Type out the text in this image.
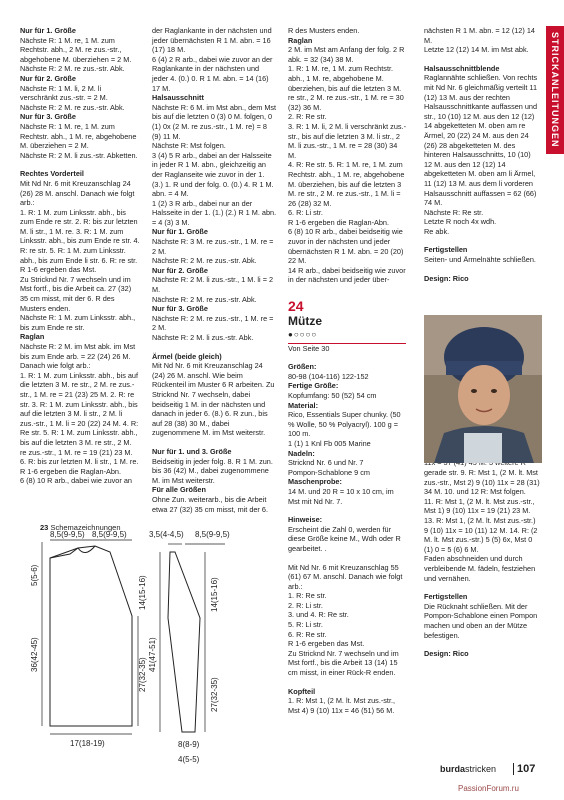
STRICKANLEITUNGEN

Nur für 1. Größe

Nächste R: 1 M. re, 1 M. zum Rechtstr. abh., 2 M. re zus.-str., abgehobene M. überziehen = 2 M.

Nächste R: 2 M. re zus.-str. Abk.

Nur für 2. Größe

Nächste R: 1 M. li, 2 M. li verschränkt zus.-str. = 2 M.

Nächste R: 2 M. re zus.-str. Abk.

Nur für 3. Größe

Nächste R: 1 M. re, 1 M. zum Rechtstr. abh., 1 M. re, abgehobene M. überziehen = 2 M.

Nächste R: 2 M. li zus.-str. Abketten.

Rechtes Vorderteil

Mit Nd Nr. 6 mit Kreuzanschlag 24 (26) 28 M. anschl. Danach wie folgt arb.:

1. R: 1 M. zum Linksstr. abh., bis zum Ende re str. 2. R: bis zur letzten M. li str., 1 M. re. 3. R: 1 M. zum Linksstr. abh., bis zum Ende re str. 4. R: re str. 5. R: 1 M. zum Linksstr. abh., bis zum Ende li str. 6. R: re str. R 1-6 ergeben das Mst.

Zu Stricknd Nr. 7 wechseln und im Mst fortf., bis die Arbeit ca. 27 (32) 35 cm misst, mit der 6. R des Musters enden.

Nächste R: 1 M. zum Linksstr. abh., bis zum Ende re str.

Raglan

Nächste R: 2 M. im Mst abk. im Mst bis zum Ende arb. = 22 (24) 26 M.

Danach wie folgt arb.:

1. R: 1 M. zum Linksstr. abh., bis auf die letzten 3 M. re str., 2 M. re zus.-str., 1 M. re = 21 (23) 25 M. 2. R: re str. 3. R: 1 M. zum Linksstr. abh., bis auf die letzten 3 M. li str., 2 M. li zus.-str., 1 M. li = 20 (22) 24 M. 4. R: Re str. 5. R: 1 M. zum Linksstr. abh., bis auf die letzten 3 M. re str., 2 M. re zus.-str., 1 M. re = 19 (21) 23 M. 6. R: bis zur letzten M. li str., 1 M. re.

R 1-6 ergeben die Raglan-Abn.

6 (8) 10 R arb., dabei wie zuvor an

der Raglankante in der nächsten und jeder übernächsten R 1 M. abn. = 16 (17) 18 M.

6 (4) 2 R arb., dabei wie zuvor an der Raglankante in der nächsten und jeder 4. (0.) 0. R 1 M. abn. = 14 (16) 17 M.

Halsausschnitt

Nächste R: 6 M. im Mst abn., dem Mst bis auf die letzten 0 (3) 0 M. folgen, 0 (1) 0x (2 M. re zus.-str., 1 M. re) = 8 (9) 11 M.

Nächste R: Mst folgen.

3 (4) 5 R arb., dabei an der Halsseite in jeder R 1 M. abn., gleichzeitig an der Raglanseite wie zuvor in der 1. (3.) 1. R und der folg. 0. (0.) 4. R 1 M. abn. = 4 M.

1 (2) 3 R arb., dabei nur an der Halsseite in der 1. (1.) (2.) R 1 M. abn. = 4 (3) 3 M.

Nur für 1. Größe

Nächste R: 3 M. re zus.-str., 1 M. re = 2 M.

Nächste R: 2 M. re zus.-str. Abk.

Nur für 2. Größe

Nächste R: 2 M. li zus.-str., 1 M. li = 2 M.

Nächste R: 2 M. re zus.-str. Abk.

Nur für 3. Größe

Nächste R: 2 M. re zus.-str., 1 M. re = 2 M.

Nächste R: 2 M. li zus.-str. Abk.

Ärmel (beide gleich)

Mit Nd Nr. 6 mit Kreuzanschlag 24 (24) 26 M. anschl. Wie beim Rückenteil im Muster 6 R arbeiten. Zu Stricknd Nr. 7 wechseln, dabei beidseitig 1 M. in der nächsten und danach in jeder 6. (8.) 6. R zun., bis auf 28 (38) 30 M., dabei zugenommene M. im Mst weiterstr.

Nur für 1. und 3. Größe

Beidseitig in jeder folg. 8. R 1 M. zun. bis 36 (42) M., dabei zugenommene M. im Mst weiterstr.

Für alle Größen

Ohne Zun. weiterarb., bis die Arbeit etwa 27 (32) 35 cm misst, mit der 6.

R des Musters enden.

Raglan

2 M. im Mst am Anfang der folg. 2 R abk. = 32 (34) 38 M.

1. R: 1 M. re, 1 M. zum Rechtstr. abh., 1 M. re, abgehobene M. überziehen, bis auf die letzten 3 M. re str., 2 M. re zus.-str., 1 M. re = 30 (32) 36 M.

2. R: Re str.

3. R: 1 M. li, 2 M. li verschränkt zus.-str., bis auf die letzten 3 M. li str., 2 M. li zus.-str., 1 M. re = 28 (30) 34 M.

4. R: Re str. 5. R: 1 M. re, 1 M. zum Rechtstr. abh., 1 M. re, abgehobene M. überziehen, bis auf die letzten 3 M. re str., 2 M. re zus.-str., 1 M. li = 26 (28) 32 M.

6. R: Li str.

R 1-6 ergeben die Raglan-Abn.

6 (8) 10 R arb., dabei beidseitig wie zuvor in der nächsten und jeder übernächsten R 1 M. abn. = 20 (20) 22 M.

14 R arb., dabei beidseitig wie zuvor in der nächsten und jeder über-

24
Mütze
●○○○○

Von Seite 30

Größen:

80-98 (104-116) 122-152

Fertige Größe:

Kopfumfang: 50 (52) 54 cm

Material:

Rico, Essentials Super chunky. (50 % Wolle, 50 % Polyacryl). 100 g = 100 m.

1 (1) 1 Knl Fb 005 Marine

Nadeln:

Stricknd Nr. 6 und Nr. 7

Pompon-Schablone 9 cm

Maschenprobe:

14 M. und 20 R = 10 x 10 cm, im Mst mit Nd Nr. 7.

Hinweise:

Erscheint die Zahl 0, werden für diese Größe keine M., Wdh oder R gearbeitet. .

Mit Nd Nr. 6 mit Kreuzanschlag 55 (61) 67 M. anschl. Danach wie folgt arb.:

1. R: Re str.

2. R: Li str.

3. und 4. R: Re str.

5. R: Li str.

6. R: Re str.

R 1-6 ergeben das Mst.

Zu Stricknd Nr. 7 wechseln und im Mst fortf., bis die Arbeit 13 (14) 15 cm misst, in einer Rück-R enden.

Kopfteil

1. R: Mst 1, (2 M. lt. Mst zus.-str., Mst 4) 9 (10) 11x = 46 (51) 56 M.

nächsten R 1 M. abn. = 12 (12) 14 M.

Letzte 12 (12) 14 M. im Mst abk.

Halsausschnittblende

Raglannähte schließen. Von rechts mit Nd Nr. 6 gleichmäßig verteilt 11 (12) 13 M. aus der rechten Halsausschnittkante auffassen und str., 10 (10) 12 M. aus den 12 (12) 14 abgeketteten M. oben am re Ärmel, 20 (22) 24 M. aus den 24 (26) 28 abgeketteten M. des hinteren Halsausschnitts, 10 (10) 12 M. aus den 12 (12) 14 abgeketteten M. oben am li Ärmel, 11 (12) 13 M. aus dem li vorderen Halsausschnitt auffassen = 62 (66) 74 M.

Nächste R: Re str.

Letzte R noch 4x wdh.

Re abk.

Fertigstellen

Seiten- und Ärmelnähte schließen.

Design: Rico

gerade str. 9. R: Mst 1, (2 M. lt. Mst zus.-str., Mst 2) 9 (10) 11x = 28 (31) 34 M. 10. und 12 R: Mst folgen.

11. R: Mst 1, (2 M. lt. Mst zus.-str., Mst 1) 9 (10) 11x = 19 (21) 23 M.

13. R: Mst 1, (2 M. lt. Mst zus.-str.) 9 (10) 11x = 10 (11) 12 M. 14. R: (2 M. lt. Mst zus.-str.) 5 (5) 6x, Mst 0 (1) 0 = 5 (6) 6 M.

Faden abschneiden und durch verbleibende M. fädeln, festziehen und vernähen.

Fertigstellen

Die Rücknaht schließen. Mit der Pompon-Schablone einen Pompon machen und oben an der Mütze befestigen.

Design: Rico

23 Schemazeichnungen
8,5(9-9,5) 8,5(9-9,5)
5(5-6)	14(15-16)
36(42-45)
27(32-35)
17(18-19)
3,5(4-4,5) 8,5(9-9,5)
41(47-51)
14(15-16)
27(32-35)
8(8-9)
4(5-5)
burdastricken	107
PassionForum.ru
